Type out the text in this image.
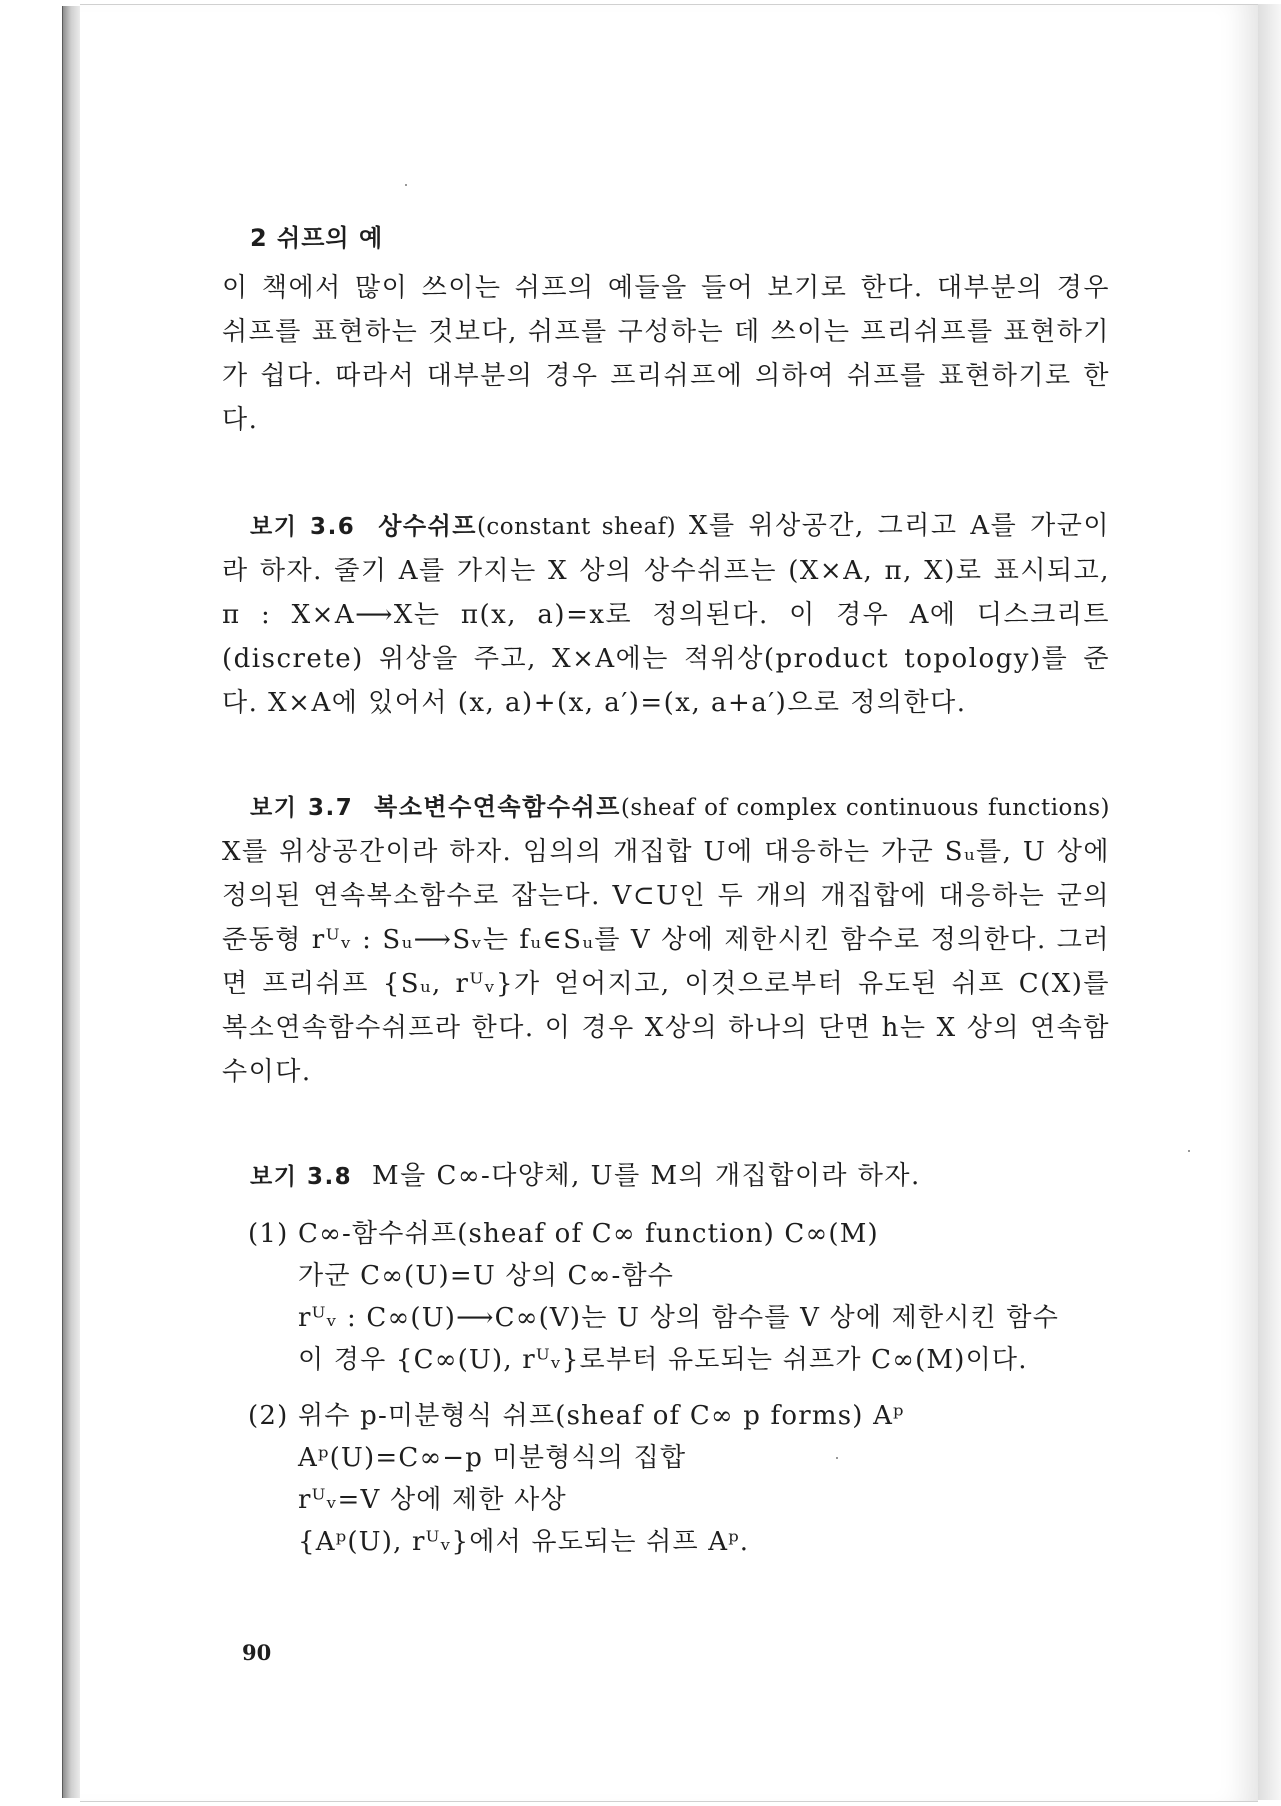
2 쉬프의 예

이 책에서 많이 쓰이는 쉬프의 예들을 들어 보기로 한다. 대부분의 경우 쉬프를 표현하는 것보다, 쉬프를 구성하는 데 쓰이는 프리쉬프를 표현하기가 쉽다. 따라서 대부분의 경우 프리쉬프에 의하여 쉬프를 표현하기로 한다.

보기 3.6 상수쉬프(constant sheaf) X를 위상공간, 그리고 A를 가군이라 하자. 줄기 A를 가지는 X 상의 상수쉬프는 (X×A, π, X)로 표시되고, π : X×A⟶X는 π(x, a)=x로 정의된다. 이 경우 A에 디스크리트(discrete) 위상을 주고, X×A에는 적위상(product topology)를 준다. X×A에 있어서 (x, a)+(x, a′)=(x, a+a′)으로 정의한다.

보기 3.7 복소변수연속함수쉬프(sheaf of complex continuous functions) X를 위상공간이라 하자. 임의의 개집합 U에 대응하는 가군 Sᵤ를, U 상에 정의된 연속복소함수로 잡는다. V⊂U인 두 개의 개집합에 대응하는 군의 준동형 rᵁᵥ : Sᵤ⟶Sᵥ는 fᵤ∈Sᵤ를 V 상에 제한시킨 함수로 정의한다. 그러면 프리쉬프 {Sᵤ, rᵁᵥ}가 얻어지고, 이것으로부터 유도된 쉬프 C(X)를 복소연속함수쉬프라 한다. 이 경우 X상의 하나의 단면 h는 X 상의 연속함수이다.

보기 3.8 M을 C∞-다양체, U를 M의 개집합이라 하자.

(1) C∞-함수쉬프(sheaf of C∞ function) C∞(M)
가군 C∞(U)=U 상의 C∞-함수
rᵁᵥ : C∞(U)⟶C∞(V)는 U 상의 함수를 V 상에 제한시킨 함수
이 경우 {C∞(U), rᵁᵥ}로부터 유도되는 쉬프가 C∞(M)이다.
(2) 위수 p-미분형식 쉬프(sheaf of C∞ p forms) Aᵖ
Aᵖ(U)=C∞−p 미분형식의 집합
rᵁᵥ=V 상에 제한 사상
{Aᵖ(U), rᵁᵥ}에서 유도되는 쉬프 Aᵖ.
90
